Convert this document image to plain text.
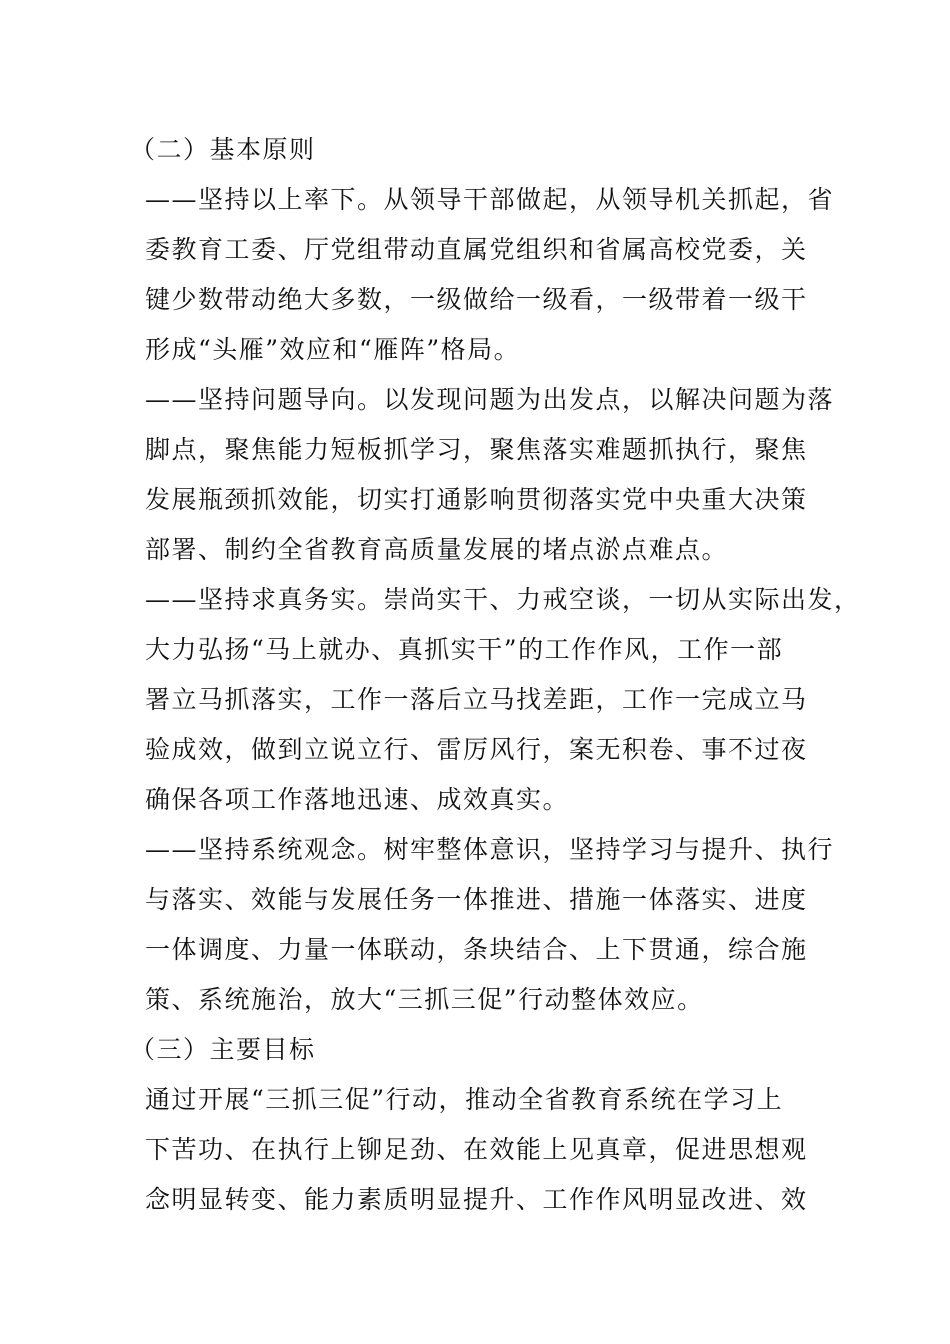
（二）基本原则
——坚持以上率下。从领导干部做起，从领导机关抓起，省
委教育工委、厅党组带动直属党组织和省属高校党委，关
键少数带动绝大多数，一级做给一级看，一级带着一级干
形成“头雁”效应和“雁阵”格局。
——坚持问题导向。以发现问题为出发点，以解决问题为落
脚点，聚焦能力短板抓学习，聚焦落实难题抓执行，聚焦
发展瓶颈抓效能，切实打通影响贯彻落实党中央重大决策
部署、制约全省教育高质量发展的堵点淤点难点。
——坚持求真务实。崇尚实干、力戒空谈，一切从实际出发，
大力弘扬“马上就办、真抓实干”的工作作风，工作一部
署立马抓落实，工作一落后立马找差距，工作一完成立马
验成效，做到立说立行、雷厉风行，案无积卷、事不过夜
确保各项工作落地迅速、成效真实。
——坚持系统观念。树牢整体意识，坚持学习与提升、执行
与落实、效能与发展任务一体推进、措施一体落实、进度
一体调度、力量一体联动，条块结合、上下贯通，综合施
策、系统施治，放大“三抓三促”行动整体效应。
（三）主要目标
通过开展“三抓三促”行动，推动全省教育系统在学习上
下苦功、在执行上铆足劲、在效能上见真章，促进思想观
念明显转变、能力素质明显提升、工作作风明显改进、效
